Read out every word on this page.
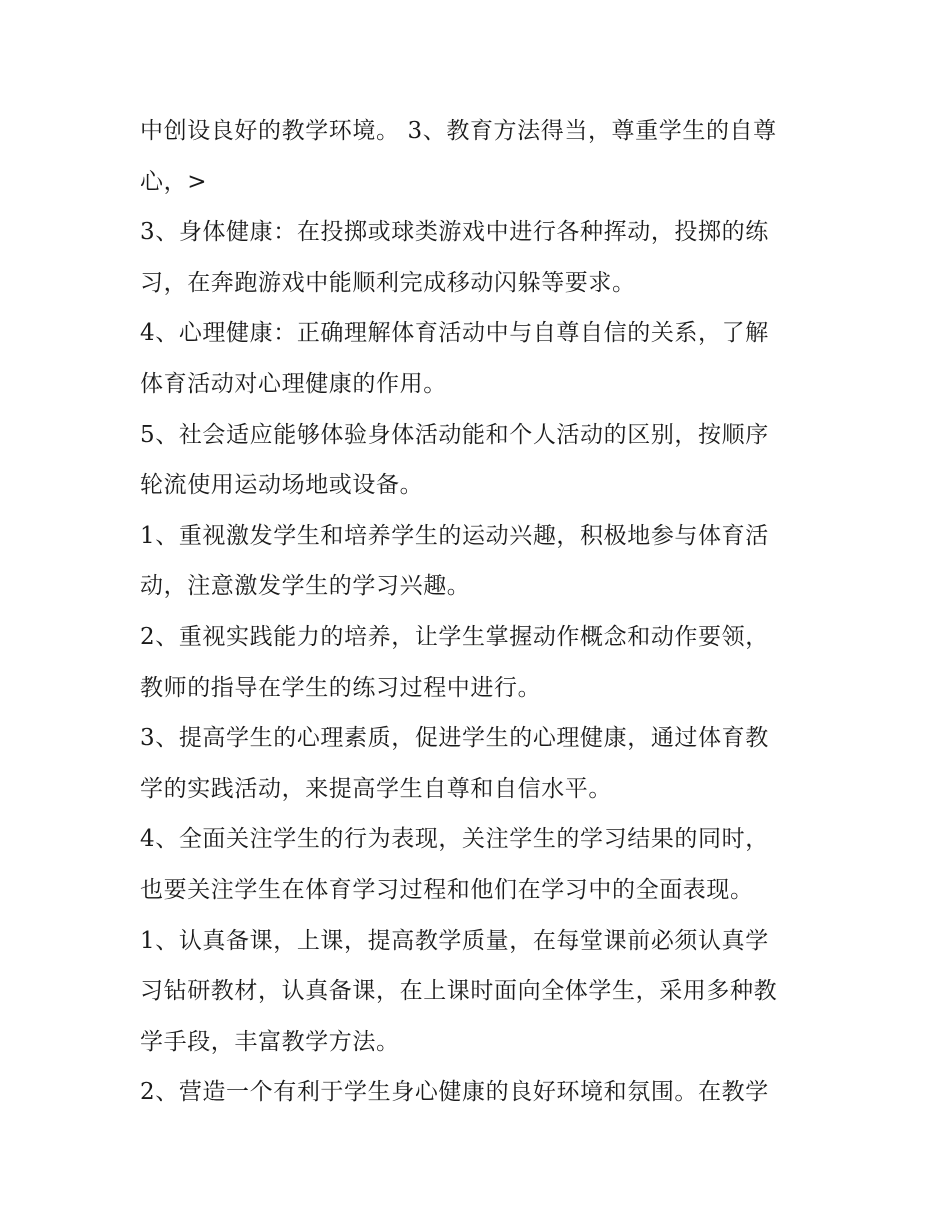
中创设良好的教学环境。 3、教育方法得当，尊重学生的自尊
心，>
3、身体健康：在投掷或球类游戏中进行各种挥动，投掷的练
习，在奔跑游戏中能顺利完成移动闪躲等要求。
4、心理健康：正确理解体育活动中与自尊自信的关系，了解
体育活动对心理健康的作用。
5、社会适应能够体验身体活动能和个人活动的区别，按顺序
轮流使用运动场地或设备。
1、重视激发学生和培养学生的运动兴趣，积极地参与体育活
动，注意激发学生的学习兴趣。
2、重视实践能力的培养，让学生掌握动作概念和动作要领，
教师的指导在学生的练习过程中进行。
3、提高学生的心理素质，促进学生的心理健康，通过体育教
学的实践活动，来提高学生自尊和自信水平。
4、全面关注学生的行为表现，关注学生的学习结果的同时，
也要关注学生在体育学习过程和他们在学习中的全面表现。
1、认真备课，上课，提高教学质量，在每堂课前必须认真学
习钻研教材，认真备课，在上课时面向全体学生，采用多种教
学手段，丰富教学方法。
2、营造一个有利于学生身心健康的良好环境和氛围。在教学
